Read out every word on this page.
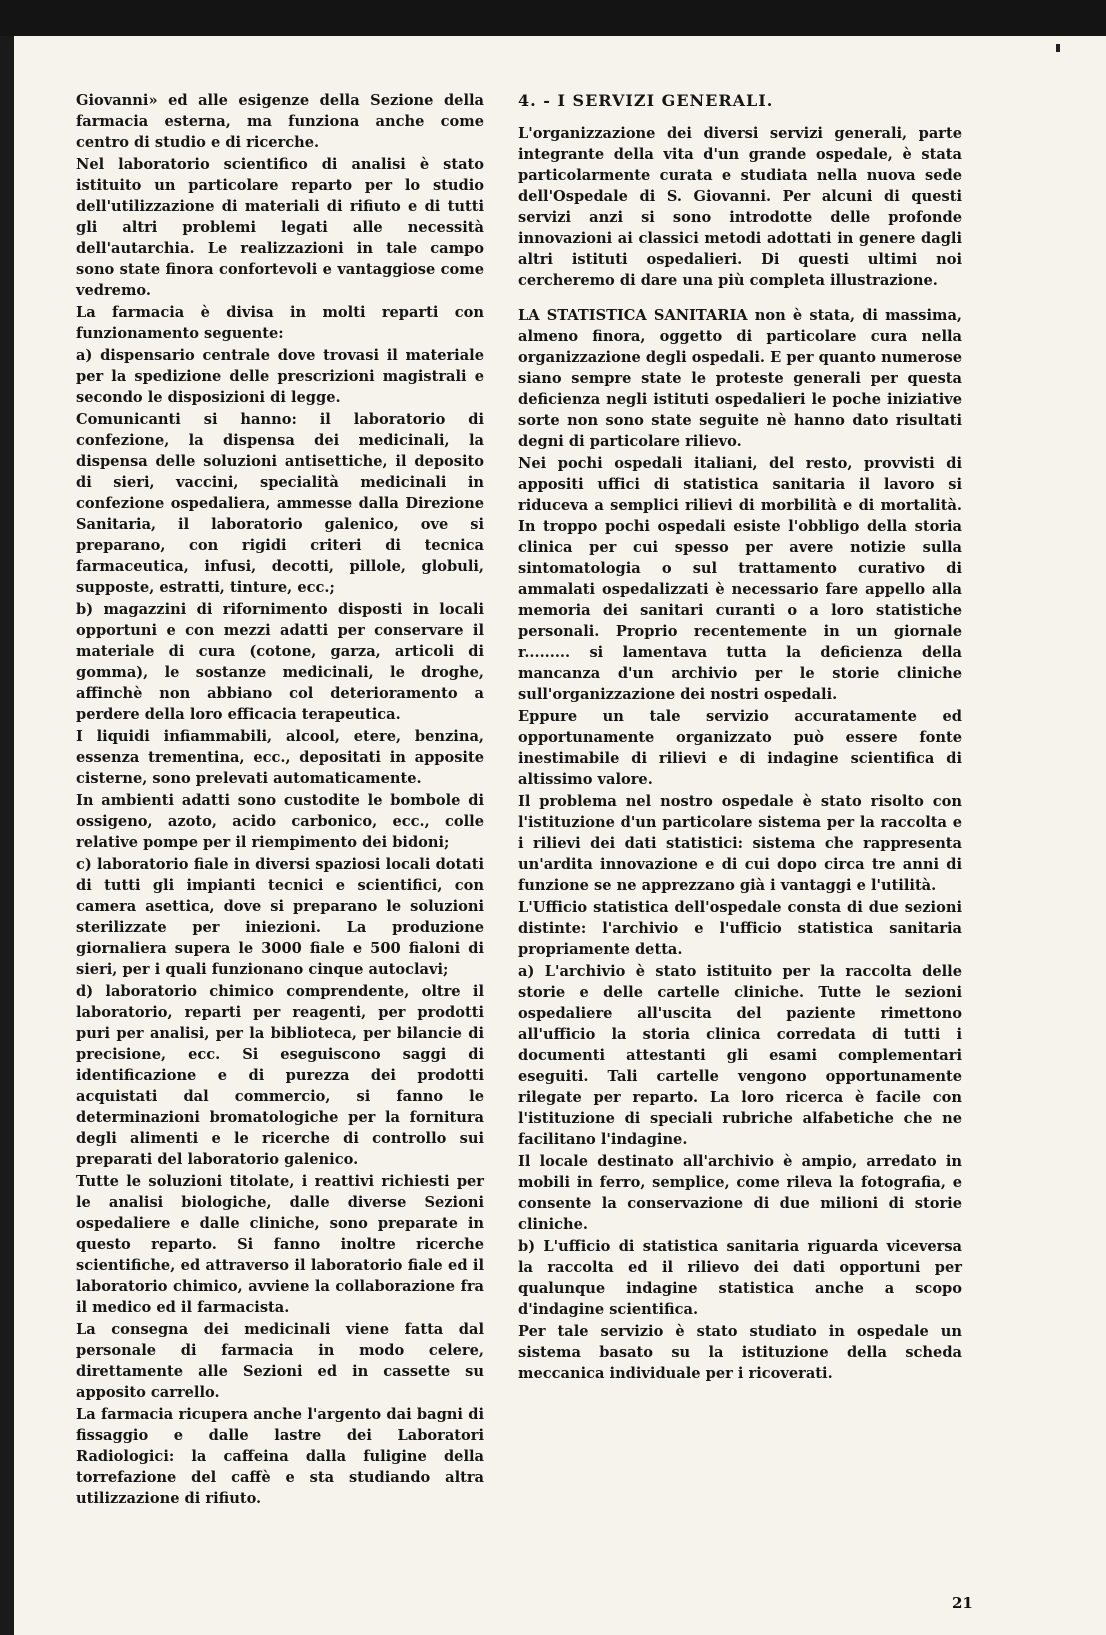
Giovanni» ed alle esigenze della Sezione della farmacia esterna, ma funziona anche come centro di studio e di ricerche.

Nel laboratorio scientifico di analisi è stato istituito un particolare reparto per lo studio dell'utilizzazione di materiali di rifiuto e di tutti gli altri problemi legati alle necessità dell'autarchia. Le realizzazioni in tale campo sono state finora confortevoli e vantaggiose come vedremo.

La farmacia è divisa in molti reparti con funzionamento seguente:

a) dispensario centrale dove trovasi il materiale per la spedizione delle prescrizioni magistrali e secondo le disposizioni di legge.

Comunicanti si hanno: il laboratorio di confezione, la dispensa dei medicinali, la dispensa delle soluzioni antisettiche, il deposito di sieri, vaccini, specialità medicinali in confezione ospedaliera, ammesse dalla Direzione Sanitaria, il laboratorio galenico, ove si preparano, con rigidi criteri di tecnica farmaceutica, infusi, decotti, pillole, globuli, supposte, estratti, tinture, ecc.;

b) magazzini di rifornimento disposti in locali opportuni e con mezzi adatti per conservare il materiale di cura (cotone, garza, articoli di gomma), le sostanze medicinali, le droghe, affinchè non abbiano col deterioramento a perdere della loro efficacia terapeutica.

I liquidi infiammabili, alcool, etere, benzina, essenza trementina, ecc., depositati in apposite cisterne, sono prelevati automaticamente.

In ambienti adatti sono custodite le bombole di ossigeno, azoto, acido carbonico, ecc., colle relative pompe per il riempimento dei bidoni;

c) laboratorio fiale in diversi spaziosi locali dotati di tutti gli impianti tecnici e scientifici, con camera asettica, dove si preparano le soluzioni sterilizzate per iniezioni. La produzione giornaliera supera le 3000 fiale e 500 fialoni di sieri, per i quali funzionano cinque autoclavi;

d) laboratorio chimico comprendente, oltre il laboratorio, reparti per reagenti, per prodotti puri per analisi, per la biblioteca, per bilancie di precisione, ecc. Si eseguiscono saggi di identificazione e di purezza dei prodotti acquistati dal commercio, si fanno le determinazioni bromatologiche per la fornitura degli alimenti e le ricerche di controllo sui preparati del laboratorio galenico.

Tutte le soluzioni titolate, i reattivi richiesti per le analisi biologiche, dalle diverse Sezioni ospedaliere e dalle cliniche, sono preparate in questo reparto. Si fanno inoltre ricerche scientifiche, ed attraverso il laboratorio fiale ed il laboratorio chimico, avviene la collaborazione fra il medico ed il farmacista.

La consegna dei medicinali viene fatta dal personale di farmacia in modo celere, direttamente alle Sezioni ed in cassette su apposito carrello.

La farmacia ricupera anche l'argento dai bagni di fissaggio e dalle lastre dei Laboratori Radiologici: la caffeina dalla fuligine della torrefazione del caffè e sta studiando altra utilizzazione di rifiuto.

4. - I SERVIZI GENERALI.

L'organizzazione dei diversi servizi generali, parte integrante della vita d'un grande ospedale, è stata particolarmente curata e studiata nella nuova sede dell'Ospedale di S. Giovanni. Per alcuni di questi servizi anzi si sono introdotte delle profonde innovazioni ai classici metodi adottati in genere dagli altri istituti ospedalieri. Di questi ultimi noi cercheremo di dare una più completa illustrazione.

LA STATISTICA SANITARIA non è stata, di massima, almeno finora, oggetto di particolare cura nella organizzazione degli ospedali. E per quanto numerose siano sempre state le proteste generali per questa deficienza negli istituti ospedalieri le poche iniziative sorte non sono state seguite nè hanno dato risultati degni di particolare rilievo.

Nei pochi ospedali italiani, del resto, provvisti di appositi uffici di statistica sanitaria il lavoro si riduceva a semplici rilievi di morbilità e di mortalità. In troppo pochi ospedali esiste l'obbligo della storia clinica per cui spesso per avere notizie sulla sintomatologia o sul trattamento curativo di ammalati ospedalizzati è necessario fare appello alla memoria dei sanitari curanti o a loro statistiche personali. Proprio recentemente in un giornale r......... si lamentava tutta la deficienza della mancanza d'un archivio per le storie cliniche sull'organizzazione dei nostri ospedali.

Eppure un tale servizio accuratamente ed opportunamente organizzato può essere fonte inestimabile di rilievi e di indagine scientifica di altissimo valore.

Il problema nel nostro ospedale è stato risolto con l'istituzione d'un particolare sistema per la raccolta e i rilievi dei dati statistici: sistema che rappresenta un'ardita innovazione e di cui dopo circa tre anni di funzione se ne apprezzano già i vantaggi e l'utilità.

L'Ufficio statistica dell'ospedale consta di due sezioni distinte: l'archivio e l'ufficio statistica sanitaria propriamente detta.

a) L'archivio è stato istituito per la raccolta delle storie e delle cartelle cliniche. Tutte le sezioni ospedaliere all'uscita del paziente rimettono all'ufficio la storia clinica corredata di tutti i documenti attestanti gli esami complementari eseguiti. Tali cartelle vengono opportunamente rilegate per reparto. La loro ricerca è facile con l'istituzione di speciali rubriche alfabetiche che ne facilitano l'indagine.

Il locale destinato all'archivio è ampio, arredato in mobili in ferro, semplice, come rileva la fotografia, e consente la conservazione di due milioni di storie cliniche.

b) L'ufficio di statistica sanitaria riguarda viceversa la raccolta ed il rilievo dei dati opportuni per qualunque indagine statistica anche a scopo d'indagine scientifica.

Per tale servizio è stato studiato in ospedale un sistema basato su la istituzione della scheda meccanica individuale per i ricoverati.

21
